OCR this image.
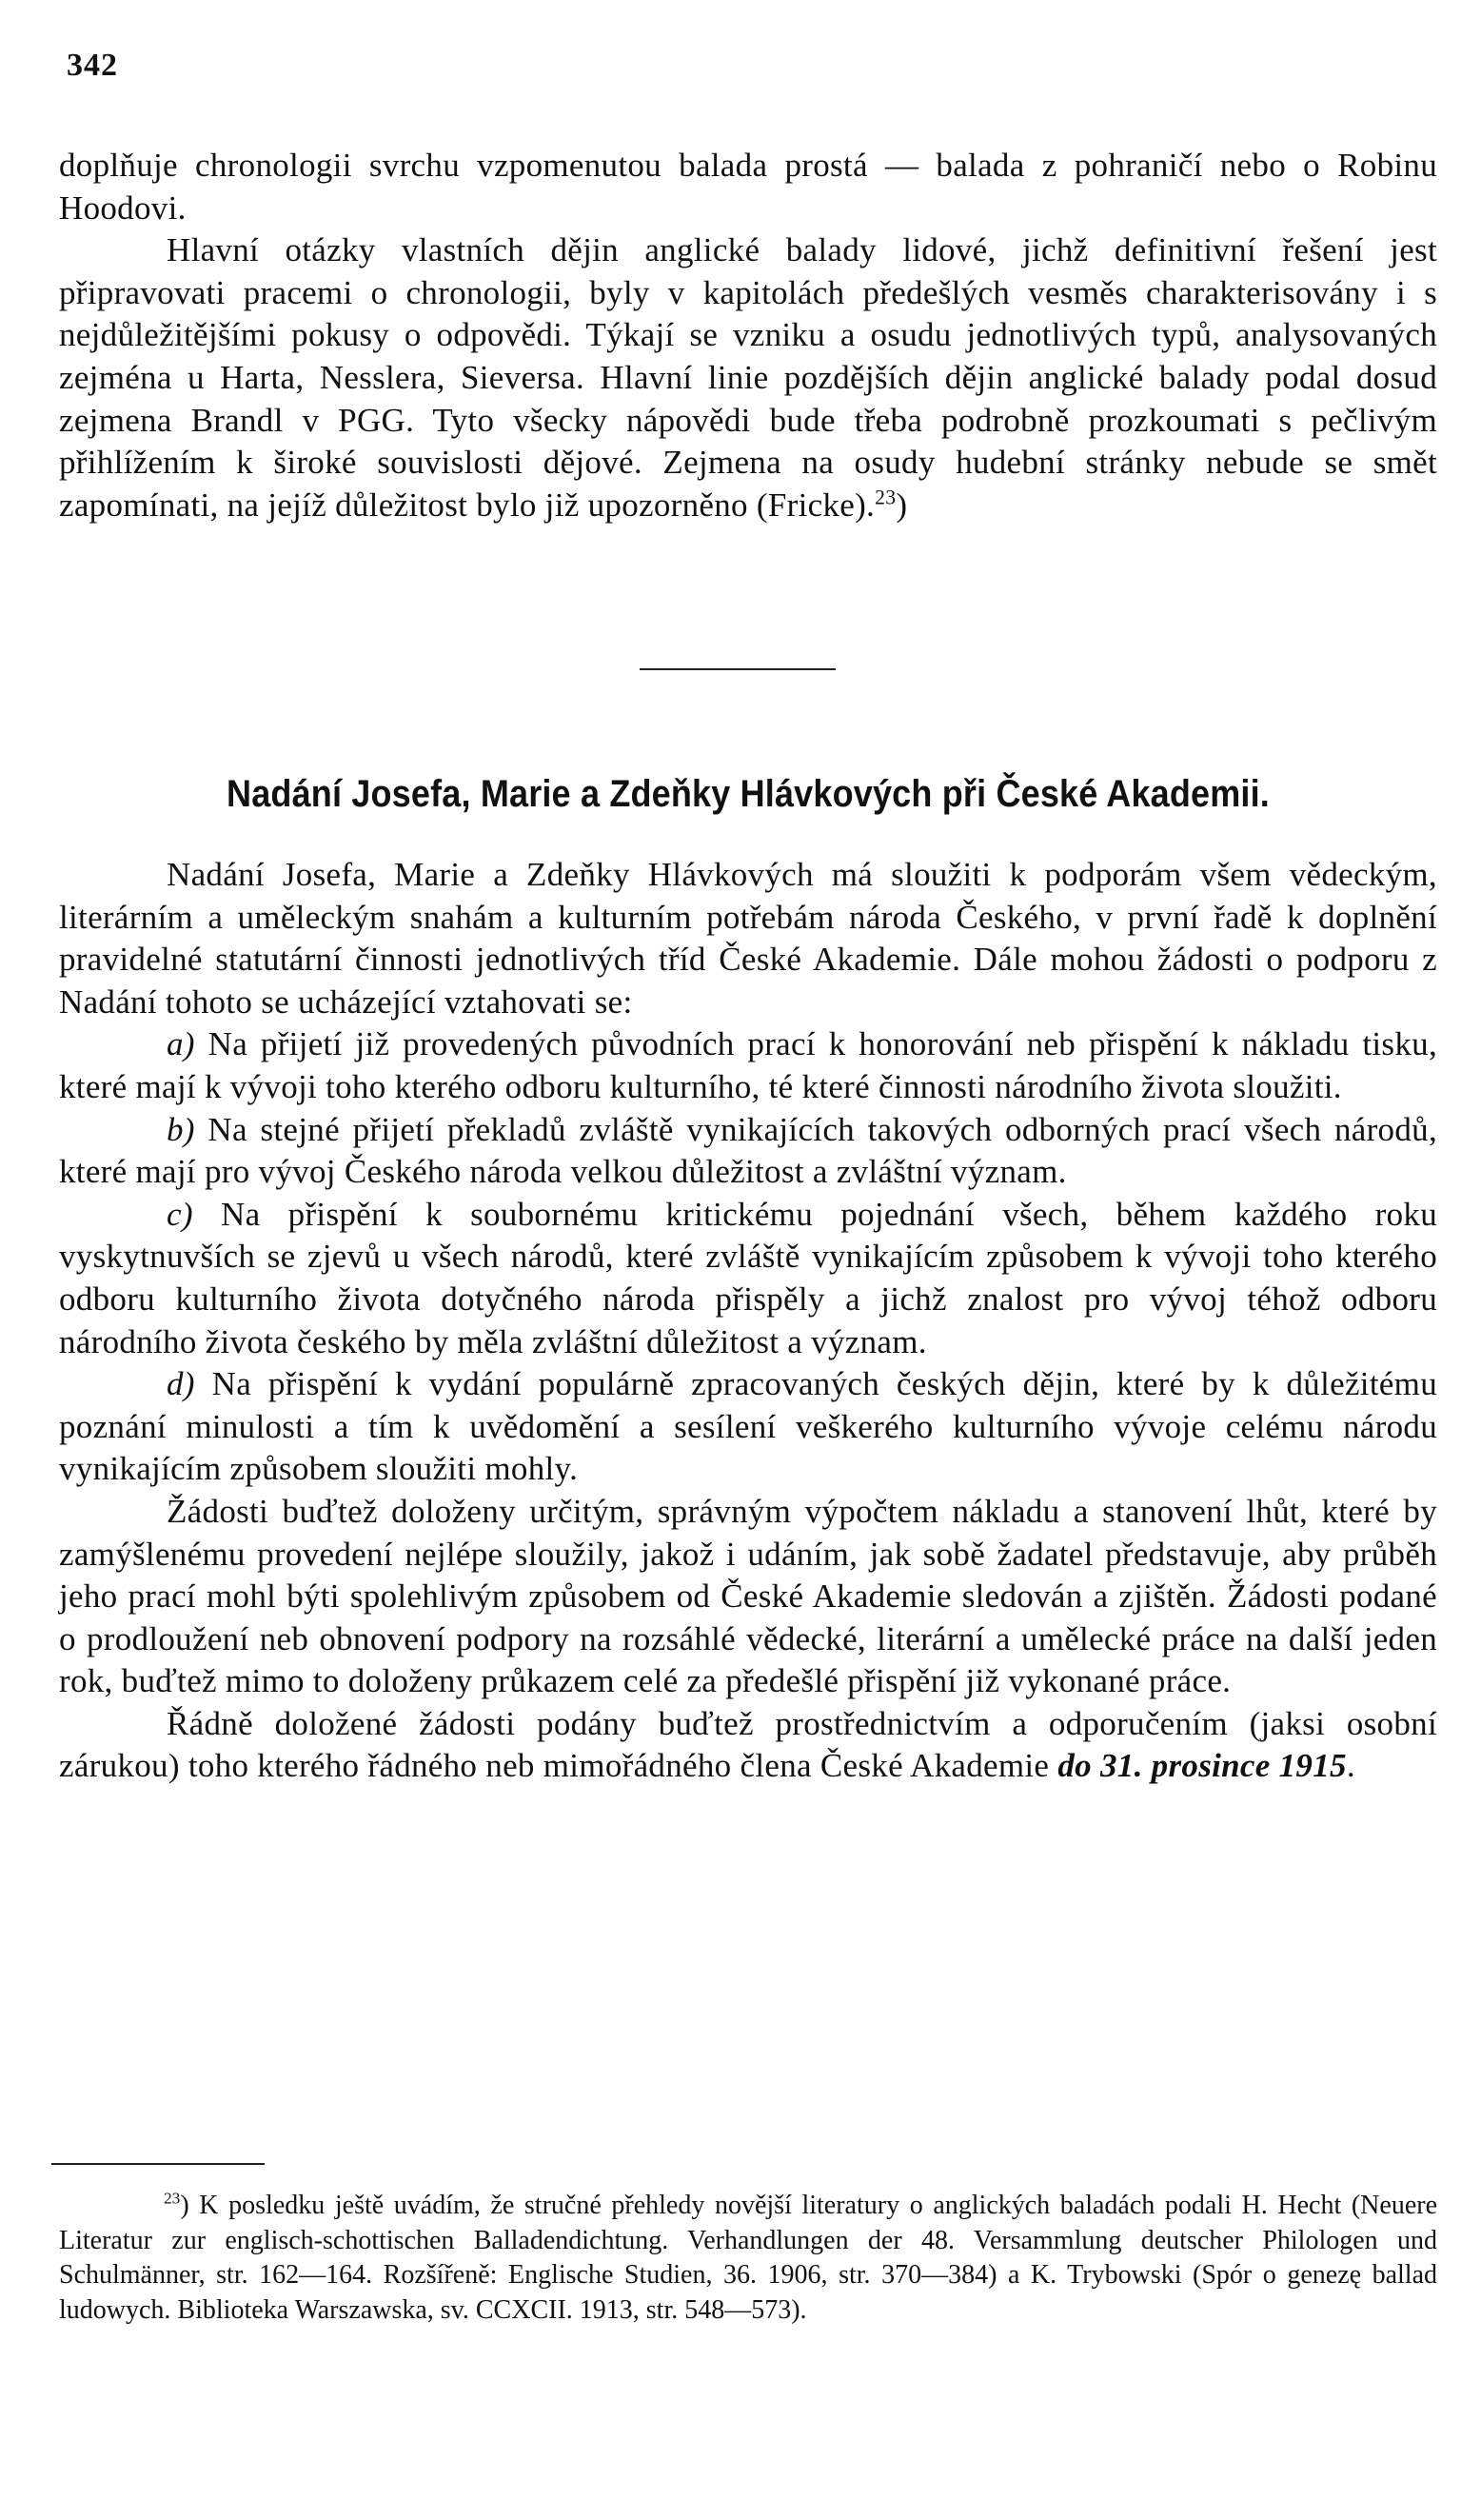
342

doplňuje chronologii svrchu vzpomenutou balada prostá — balada z pohraničí nebo o Robinu Hoodovi.

Hlavní otázky vlastních dějin anglické balady lidové, jichž definitivní řešení jest připravovati pracemi o chronologii, byly v kapitolách předešlých vesměs charakterisovány i s nejdůležitějšími pokusy o odpovědi. Týkají se vzniku a osudu jednotlivých typů, analysovaných zejména u Harta, Nesslera, Sieversa. Hlavní linie pozdějších dějin anglické balady podal dosud zejmena Brandl v PGG. Tyto všecky nápovědi bude třeba podrobně prozkoumati s pečlivým přihlížením k široké souvislosti dějové. Zejmena na osudy hudební stránky nebude se smět zapomínati, na jejíž důležitost bylo již upozorněno (Fricke).$^{23}$)

Nadání Josefa, Marie a Zdeňky Hlávkových při České Akademii.

Nadání Josefa, Marie a Zdeňky Hlávkových má sloužiti k podporám všem vědeckým, literárním a uměleckým snahám a kulturním potřebám národa Českého, v první řadě k doplnění pravidelné statutární činnosti jednotlivých tříd České Akademie. Dále mohou žádosti o podporu z Nadání tohoto se ucházející vztahovati se:

a) Na přijetí již provedených původních prací k honorování neb přispění k nákladu tisku, které mají k vývoji toho kterého odboru kulturního, té které činnosti národního života sloužiti.

b) Na stejné přijetí překladů zvláště vynikajících takových odborných prací všech národů, které mají pro vývoj Českého národa velkou důležitost a zvláštní význam.

c) Na přispění k soubornému kritickému pojednání všech, během každého roku vyskytnuvších se zjevů u všech národů, které zvláště vynikajícím způsobem k vývoji toho kterého odboru kulturního života dotyčného národa přispěly a jichž znalost pro vývoj téhož odboru národního života českého by měla zvláštní důležitost a význam.

d) Na přispění k vydání populárně zpracovaných českých dějin, které by k důležitému poznání minulosti a tím k uvědomění a sesílení veškerého kulturního vývoje celému národu vynikajícím způsobem sloužiti mohly.

Žádosti buďtež doloženy určitým, správným výpočtem nákladu a stanovení lhůt, které by zamýšlenému provedení nejlépe sloužily, jakož i udáním, jak sobě žadatel představuje, aby průběh jeho prací mohl býti spolehlivým způsobem od České Akademie sledován a zjištěn. Žádosti podané o prodloužení neb obnovení podpory na rozsáhlé vědecké, literární a umělecké práce na další jeden rok, buďtež mimo to doloženy průkazem celé za předešlé přispění již vykonané práce.

Řádně doložené žádosti podány buďtež prostřednictvím a odporučením (jaksi osobní zárukou) toho kterého řádného neb mimořádného člena České Akademie do 31. prosince 1915.

$^{23}$) K posledku ještě uvádím, že stručné přehledy novější literatury o anglických baladách podali H. Hecht (Neuere Literatur zur englisch-schottischen Balladendichtung. Verhandlungen der 48. Versammlung deutscher Philologen und Schulmänner, str. 162—164. Rozšířeně: Englische Studien, 36. 1906, str. 370—384) a K. Trybowski (Spór o genezę ballad ludowych. Biblioteka Warszawska, sv. CCXCII. 1913, str. 548—573).
